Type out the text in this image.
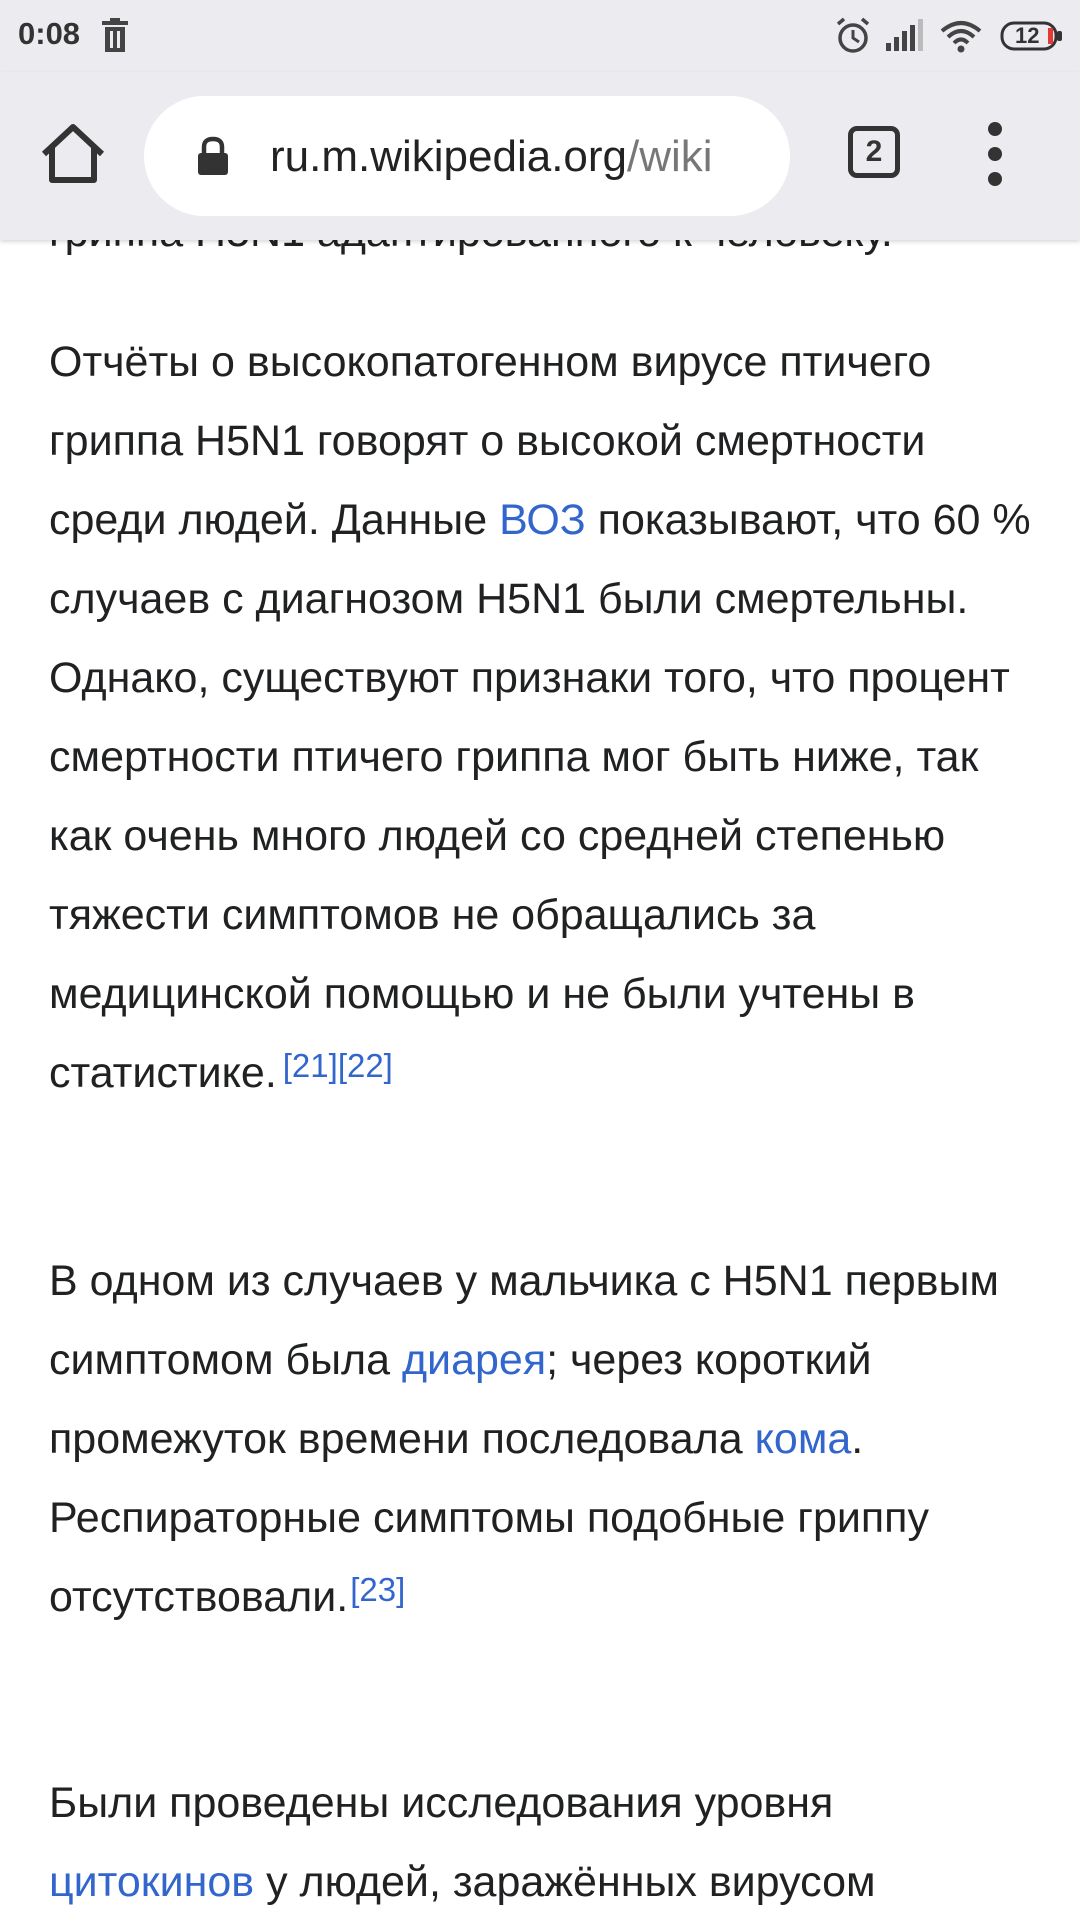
Отчёты о высокопатогенном вирусе птичего гриппа H5N1 говорят о высокой смертности среди людей. Данные ВОЗ показывают, что 60 % случаев с диагнозом H5N1 были смертельны. Однако, существуют признаки того, что процент смертности птичего гриппа мог быть ниже, так как очень много людей со средней степенью тяжести симптомов не обращались за медицинской помощью и не были учтены в статистике. [21][22]

В одном из случаев у мальчика с H5N1 первым симптомом была диарея; через короткий промежуток времени последовала кома. Респираторные симптомы подобные гриппу отсутствовали.[23]

Были проведены исследования уровня цитокинов у людей, заражённых вирусом

0:08	12
ru.m.wikipedia.org/wiki	2
